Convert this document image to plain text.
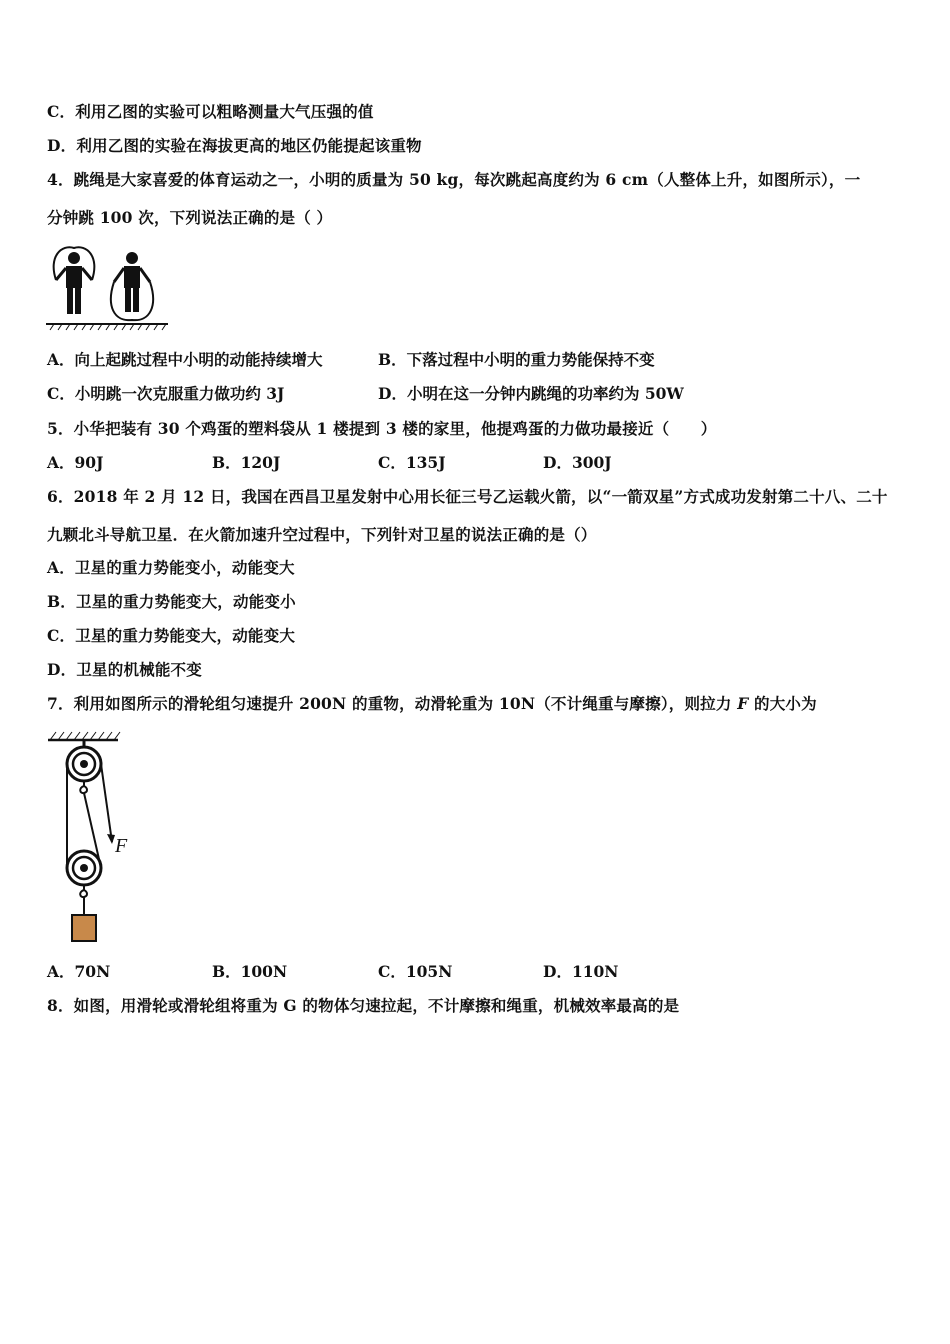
C．利用乙图的实验可以粗略测量大气压强的值
D．利用乙图的实验在海拔更高的地区仍能提起该重物
4．跳绳是大家喜爱的体育运动之一，小明的质量为 50 kg，每次跳起高度约为 6 cm（人整体上升，如图所示），一
分钟跳 100 次，下列说法正确的是（ ）
A．向上起跳过程中小明的动能持续增大	B．下落过程中小明的重力势能保持不变
C．小明跳一次克服重力做功约 3J	D．小明在这一分钟内跳绳的功率约为 50W
5．小华把装有 30 个鸡蛋的塑料袋从 1 楼提到 3 楼的家里，他提鸡蛋的力做功最接近（　　）
A．90J	B．120J	C．135J	D．300J
6．2018 年 2 月 12 日，我国在西昌卫星发射中心用长征三号乙运载火箭，以“一箭双星”方式成功发射第二十八、二十
九颗北斗导航卫星．在火箭加速升空过程中，下列针对卫星的说法正确的是（）
A．卫星的重力势能变小，动能变大
B．卫星的重力势能变大，动能变小
C．卫星的重力势能变大，动能变大
D．卫星的机械能不变
7．利用如图所示的滑轮组匀速提升 200N 的重物，动滑轮重为 10N（不计绳重与摩擦），则拉力 F 的大小为
F
A．70N	B．100N	C．105N	D．110N
8．如图，用滑轮或滑轮组将重为 G 的物体匀速拉起，不计摩擦和绳重，机械效率最高的是
